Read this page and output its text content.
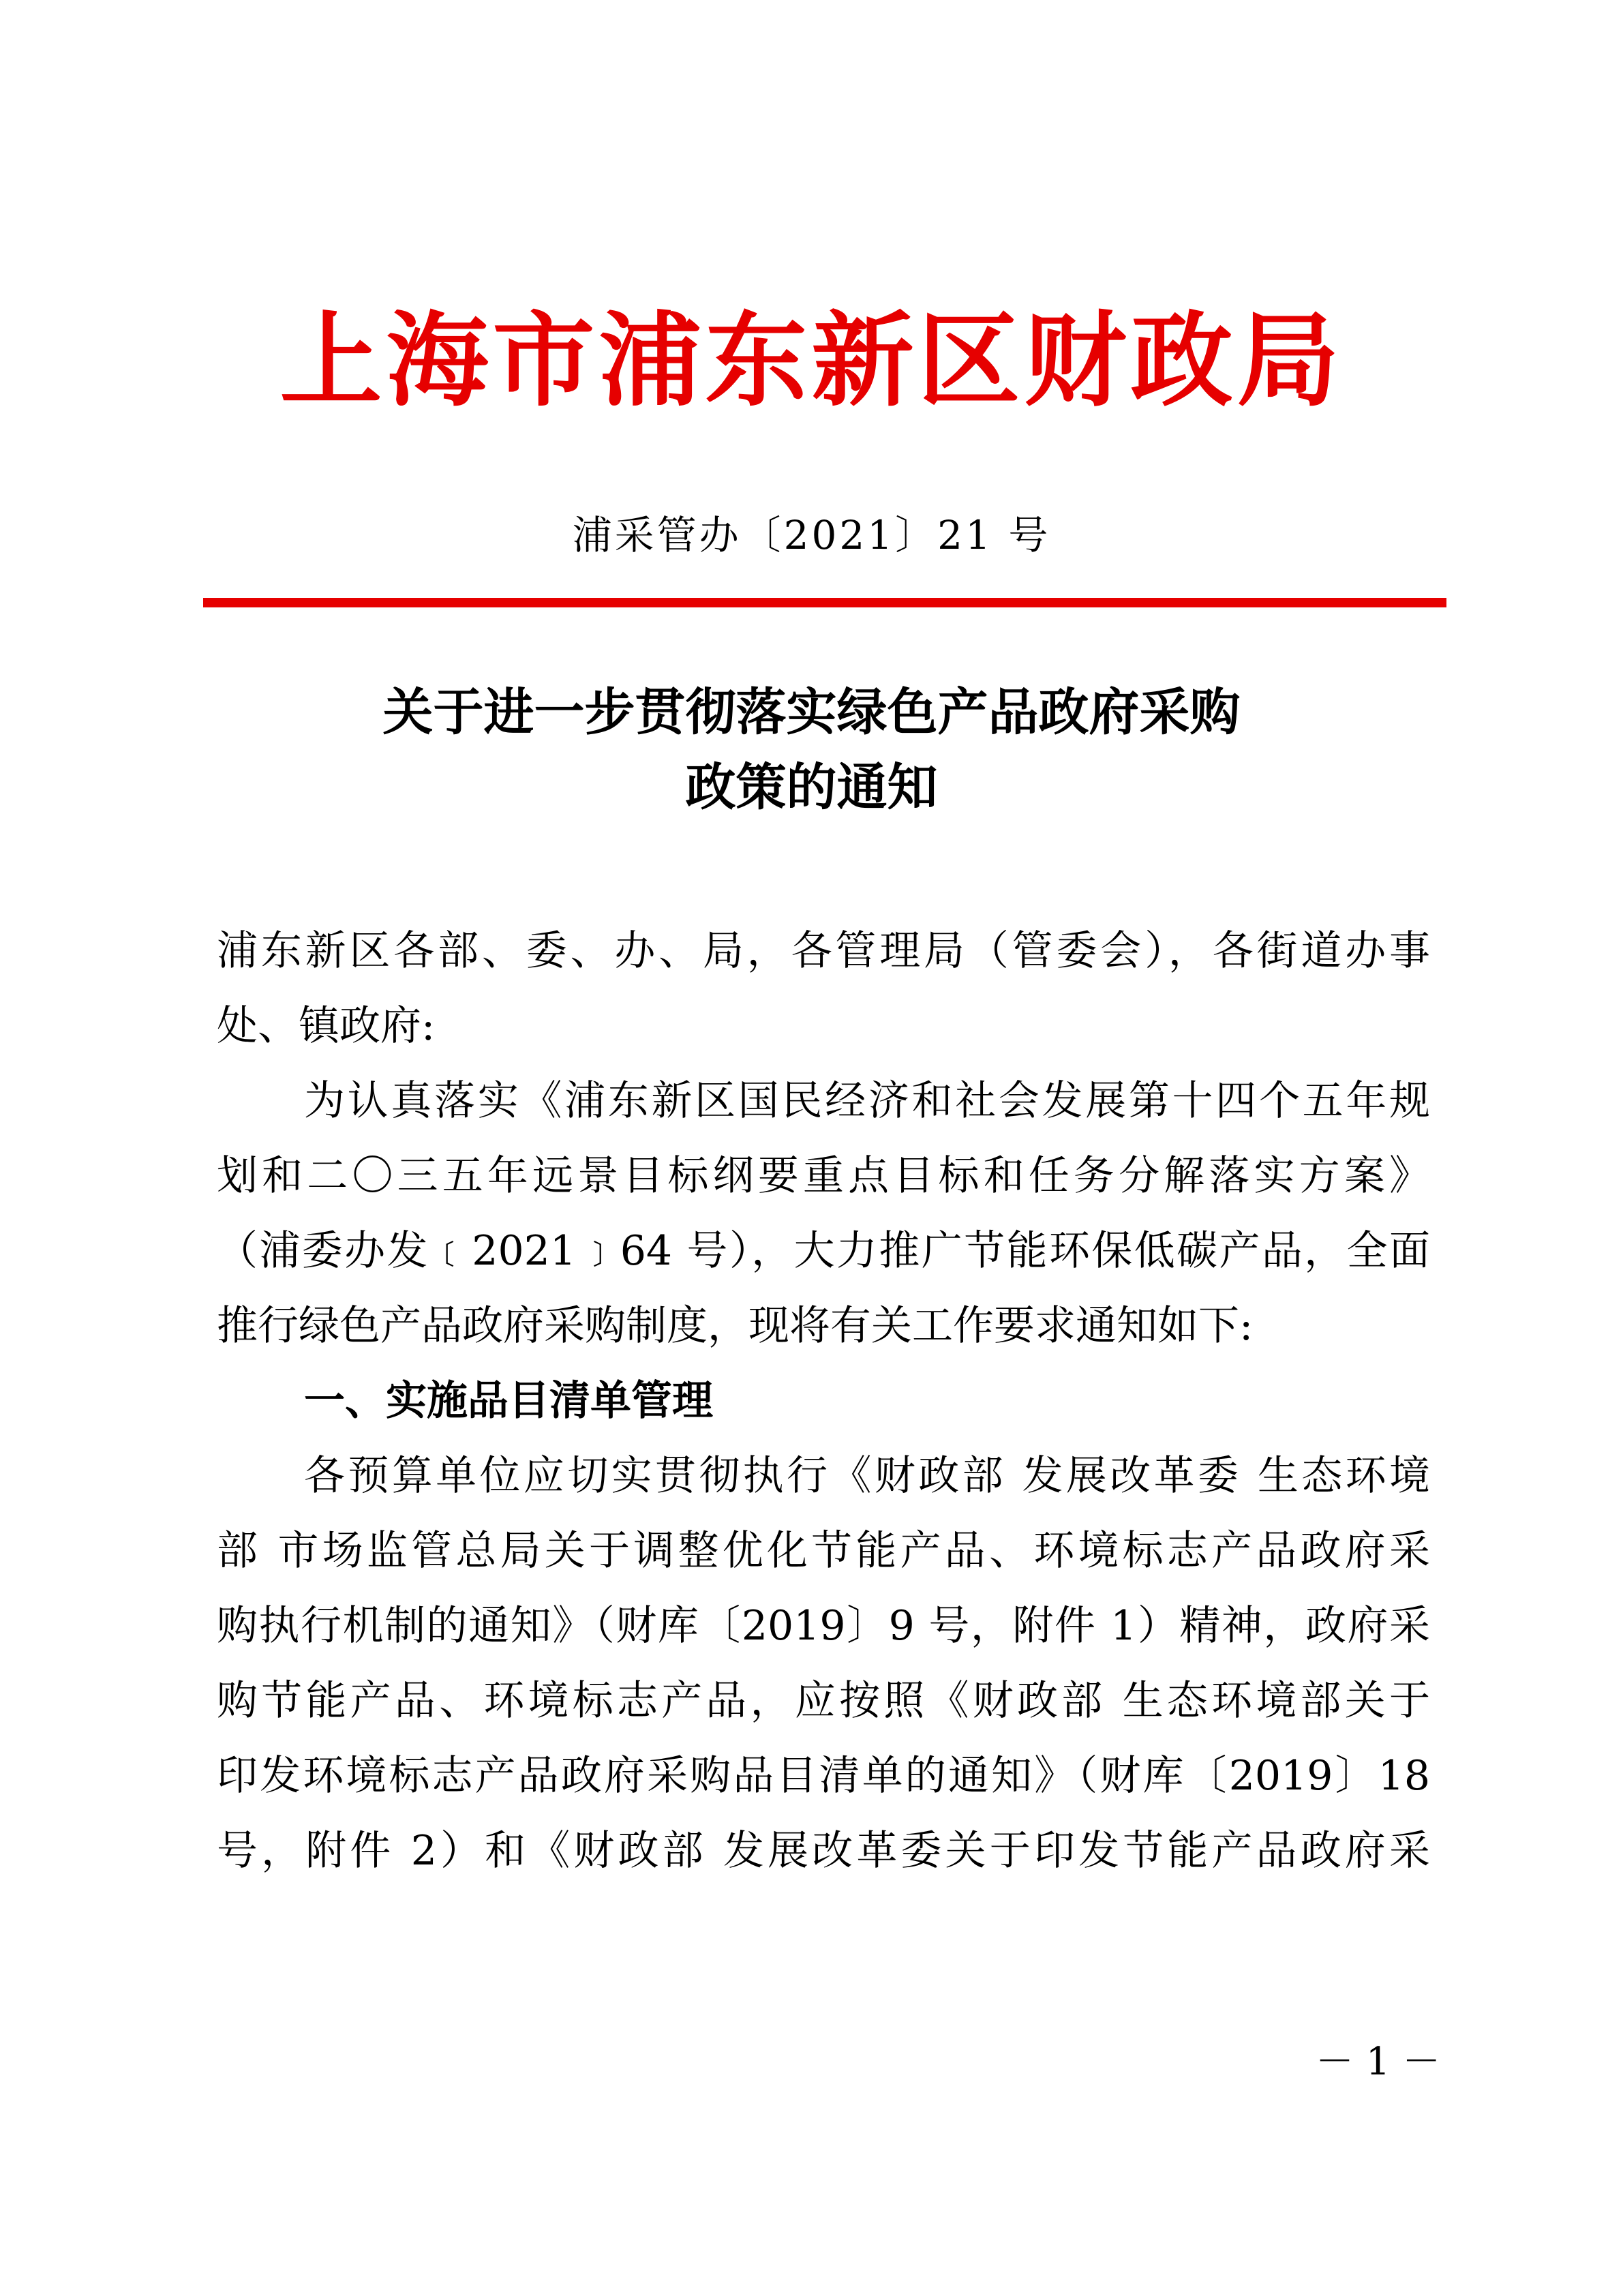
上海市浦东新区财政局
浦采管办〔2021〕21 号
关于进一步贯彻落实绿色产品政府采购
政策的通知
浦东新区各部、委、办、局，各管理局（管委会），各街道办事
处、镇政府:
为认真落实《浦东新区国民经济和社会发展第十四个五年规
划和二〇三五年远景目标纲要重点目标和任务分解落实方案》
（浦委办发﹝2021﹞64 号），大力推广节能环保低碳产品，全面
推行绿色产品政府采购制度，现将有关工作要求通知如下:
一、实施品目清单管理
各预算单位应切实贯彻执行《财政部 发展改革委 生态环境
部 市场监管总局关于调整优化节能产品、环境标志产品政府采
购执行机制的通知》（财库〔2019〕9 号，附件 1）精神，政府采
购节能产品、环境标志产品，应按照《财政部 生态环境部关于
印发环境标志产品政府采购品目清单的通知》（财库〔2019〕18
号，附件 2）和《财政部 发展改革委关于印发节能产品政府采
－ 1 －
